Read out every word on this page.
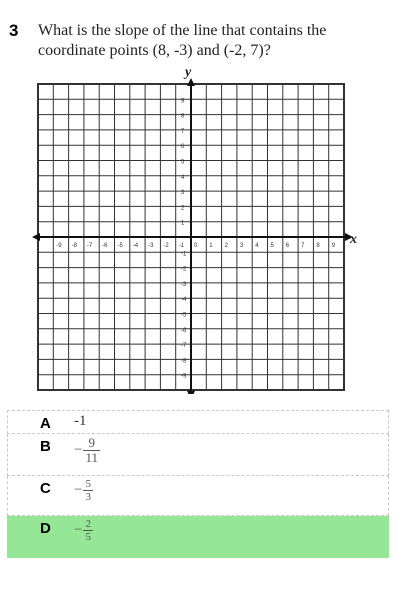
3 What is the slope of the line that contains the coordinate points (8, -3) and (-2, 7)?
-9 -8 -7 -6 -5 -4 -3 -2 -1 0 1 2 3 4 5 6 7 8 9
9
8
7
6
5
4
3
2
1
-1
-2
-3
-4
-5
-6
-7
-8
-9
x
y
A -1
$B - \frac{9}{11}$
$C - \frac{5}{3}$
$D - \frac{2}{5}$
